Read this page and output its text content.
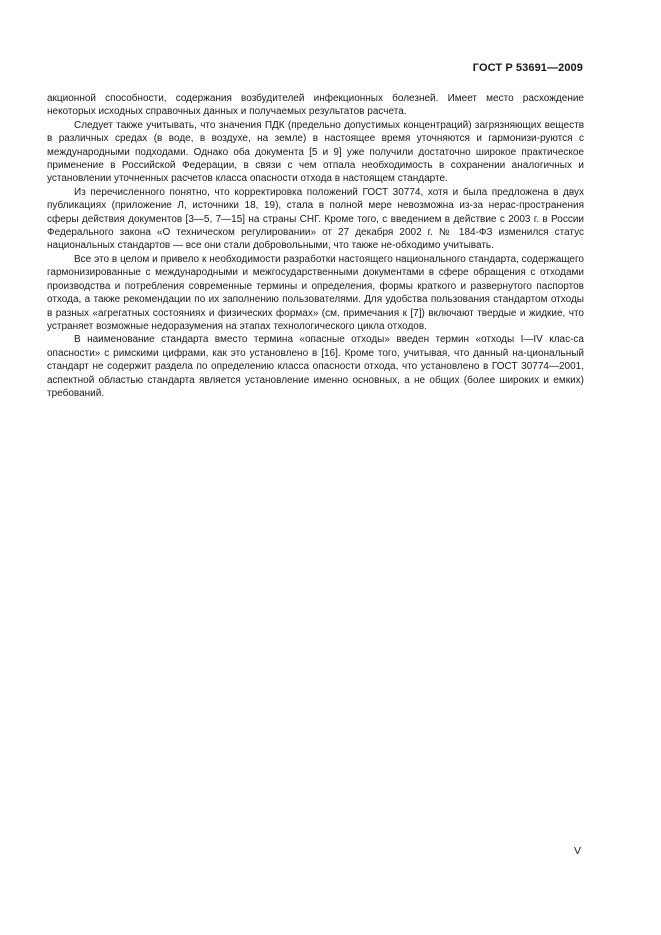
ГОСТ Р 53691—2009

акционной способности, содержания возбудителей инфекционных болезней. Имеет место расхождение некоторых исходных справочных данных и получаемых результатов расчета.

Следует также учитывать, что значения ПДК (предельно допустимых концентраций) загрязняющих веществ в различных средах (в воде, в воздухе, на земле) в настоящее время уточняются и гармонизи-руются с международными подходами. Однако оба документа [5 и 9] уже получили достаточно широкое практическое применение в Российской Федерации, в связи с чем отпала необходимость в сохранении аналогичных и установлении уточненных расчетов класса опасности отхода в настоящем стандарте.

Из перечисленного понятно, что корректировка положений ГОСТ 30774, хотя и была предложена в двух публикациях (приложение Л, источники 18, 19), стала в полной мере невозможна из-за нерас-пространения сферы действия документов [3—5, 7—15] на страны СНГ. Кроме того, с введением в действие с 2003 г. в России Федерального закона «О техническом регулировании» от 27 декабря 2002 г. № 184-ФЗ изменился статус национальных стандартов — все они стали добровольными, что также не-обходимо учитывать.

Все это в целом и привело к необходимости разработки настоящего национального стандарта, содержащего гармонизированные с международными и межгосударственными документами в сфере обращения с отходами производства и потребления современные термины и определения, формы краткого и развернутого паспортов отхода, а также рекомендации по их заполнению пользователями. Для удобства пользования стандартом отходы в разных «агрегатных состояниях и физических формах» (см. примечания к [7]) включают твердые и жидкие, что устраняет возможные недоразумения на этапах технологического цикла отходов.

В наименование стандарта вместо термина «опасные отходы» введен термин «отходы I—IV клас-са опасности» с римскими цифрами, как это установлено в [16]. Кроме того, учитывая, что данный на-циональный стандарт не содержит раздела по определению класса опасности отхода, что установлено в ГОСТ 30774—2001, аспектной областью стандарта является установление именно основных, а не общих (более широких и емких) требований.

V
